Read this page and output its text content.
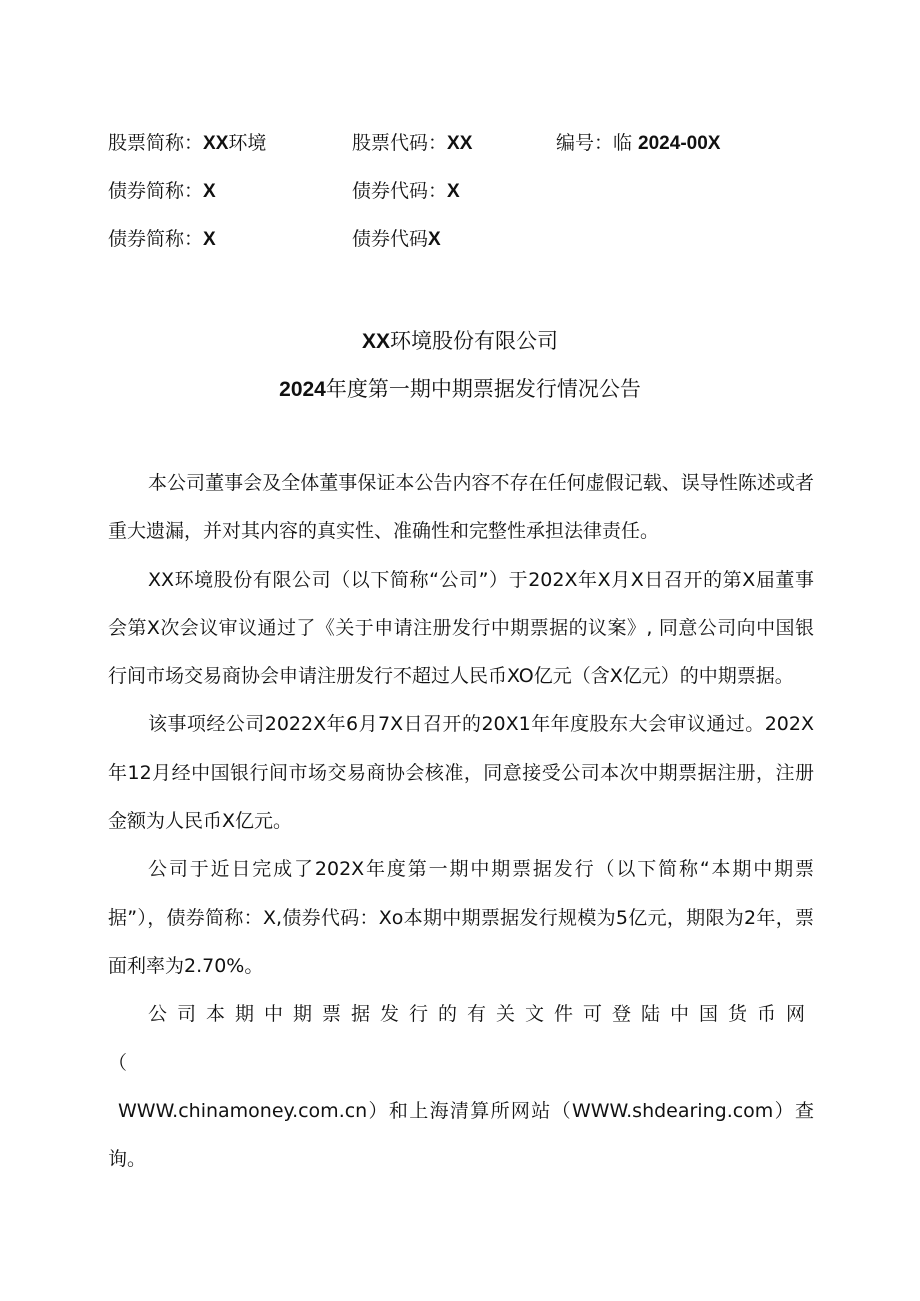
股票简称：XX环境	股票代码：XX	编号：临 2024-00X
债券简称：X	债券代码：X
债券简称：X	债券代码X
XX环境股份有限公司
2024年度第一期中期票据发行情况公告

本公司董事会及全体董事保证本公告内容不存在任何虚假记载、误导性陈述或者重大遗漏，并对其内容的真实性、准确性和完整性承担法律责任。

XX环境股份有限公司（以下简称“公司”）于202X年X月X日召开的第X届董事会第X次会议审议通过了《关于申请注册发行中期票据的议案》, 同意公司向中国银行间市场交易商协会申请注册发行不超过人民币XO亿元（含X亿元）的中期票据。

该事项经公司2022X年6月7X日召开的20X1年年度股东大会审议通过。202X年12月经中国银行间市场交易商协会核准，同意接受公司本次中期票据注册，注册金额为人民币X亿元。

公司于近日完成了202X年度第一期中期票据发行（以下简称“本期中期票据”），债券简称：X,债券代码：Xo本期中期票据发行规模为5亿元，期限为2年，票面利率为2.70%。

公司本期中期票据发行的有关文件可登陆中国货币网（

WWW.chinamoney.com.cn）和上海清算所网站（WWW.shdearing.com）查询。
